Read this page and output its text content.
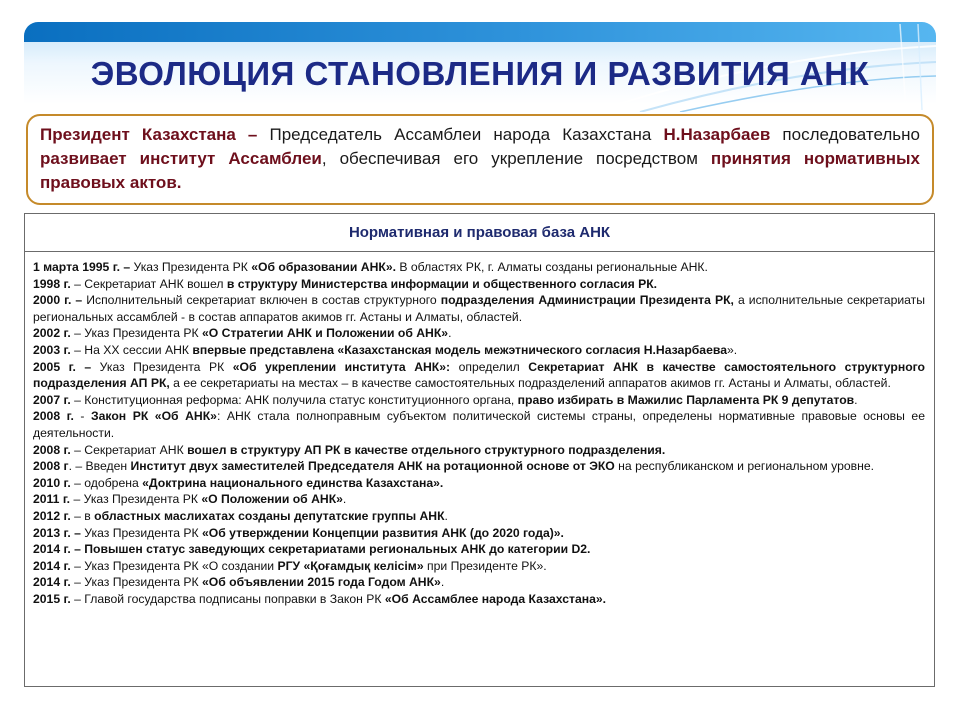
ЭВОЛЮЦИЯ СТАНОВЛЕНИЯ И РАЗВИТИЯ АНК
Президент Казахстана – Председатель Ассамблеи народа Казахстана Н.Назарбаев последовательно развивает институт Ассамблеи, обеспечивая его укрепление посредством принятия нормативных правовых актов.
Нормативная и правовая база АНК

1 марта 1995 г. – Указ Президента РК «Об образовании АНК». В областях РК, г. Алматы созданы региональные АНК.

1998 г. – Секретариат АНК вошел в структуру Министерства информации и общественного согласия РК.

2000 г. – Исполнительный секретариат включен в состав структурного подразделения Администрации Президента РК, а исполнительные секретариаты региональных ассамблей - в состав аппаратов акимов гг. Астаны и Алматы, областей.

2002 г. – Указ Президента РК «О Стратегии АНК и Положении об АНК».

2003 г. – На ХХ сессии АНК впервые представлена «Казахстанская модель межэтнического согласия Н.Назарбаева».

2005 г. – Указ Президента РК «Об укреплении института АНК»: определил Секретариат АНК в качестве самостоятельного структурного подразделения АП РК, а ее секретариаты на местах – в качестве самостоятельных подразделений аппаратов акимов гг. Астаны и Алматы, областей.

2007 г. – Конституционная реформа: АНК получила статус конституционного органа, право избирать в Мажилис Парламента РК 9 депутатов.

2008 г. - Закон РК «Об АНК»: АНК стала полноправным субъектом политической системы страны, определены нормативные правовые основы ее деятельности.

2008 г. – Секретариат АНК вошел в структуру АП РК в качестве отдельного структурного подразделения.

2008 г. – Введен Институт двух заместителей Председателя АНК на ротационной основе от ЭКО на республиканском и региональном уровне.

2010 г. – одобрена «Доктрина национального единства Казахстана».

2011 г. – Указ Президента РК «О Положении об АНК».

2012 г. – в областных маслихатах созданы депутатские группы АНК.

2013 г. – Указ Президента РК «Об утверждении Концепции развития АНК (до 2020 года)».

2014 г. – Повышен статус заведующих секретариатами региональных АНК до категории D2.

2014 г. – Указ Президента РК «О создании РГУ «Қоғамдық келісім» при Президенте РК».

2014 г. – Указ Президента РК «Об объявлении 2015 года Годом АНК».

2015 г. – Главой государства подписаны поправки в Закон РК «Об Ассамблее народа Казахстана».
